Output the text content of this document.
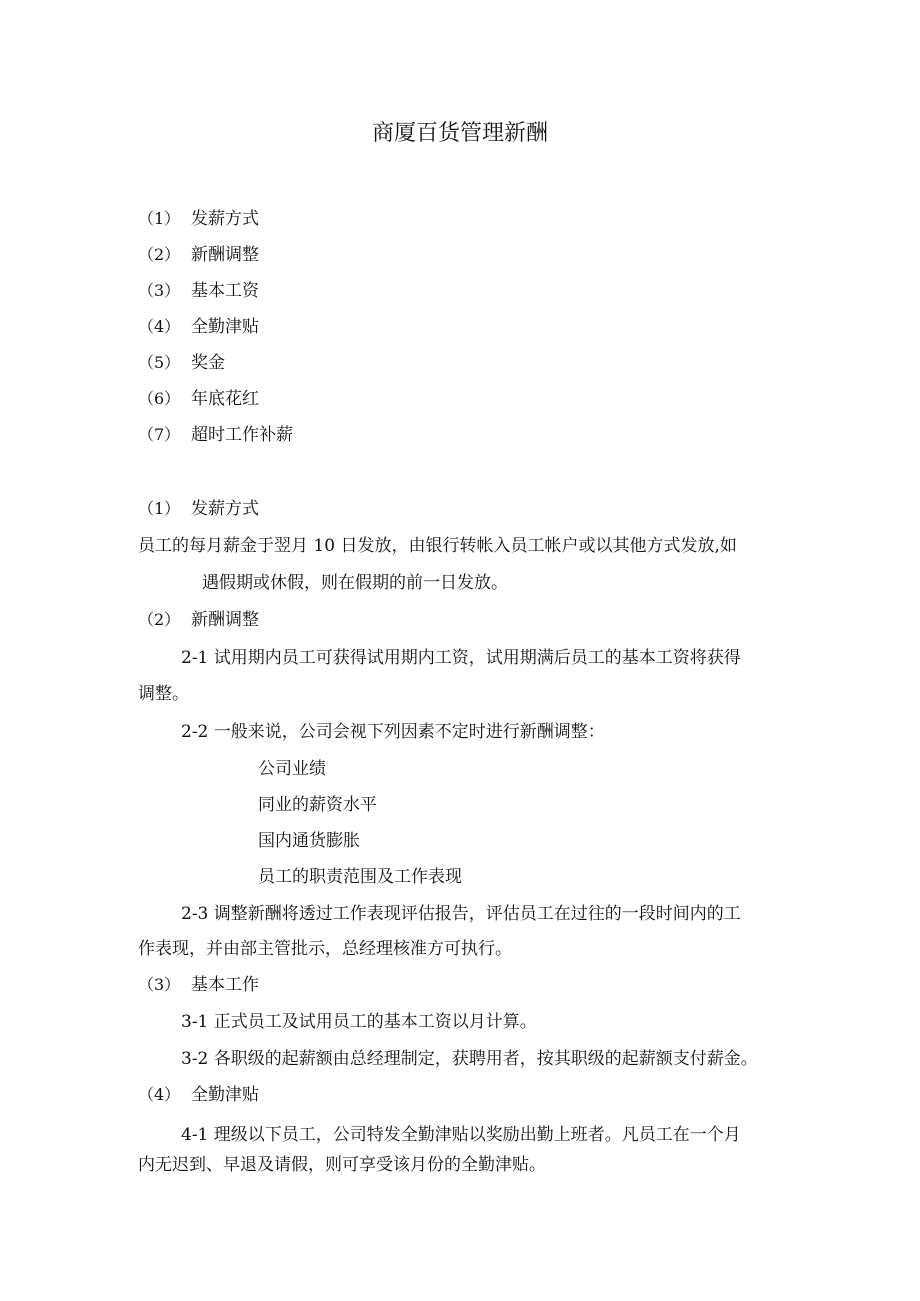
商厦百货管理新酬
（1） 发薪方式
（2） 新酬调整
（3） 基本工资
（4） 全勤津贴
（5） 奖金
（6） 年底花红
（7） 超时工作补薪
（1） 发薪方式
员工的每月薪金于翌月 10 日发放，由银行转帐入员工帐户或以其他方式发放,如
遇假期或休假，则在假期的前一日发放。
（2） 新酬调整
2-1 试用期内员工可获得试用期内工资，试用期满后员工的基本工资将获得
调整。
2-2 一般来说，公司会视下列因素不定时进行新酬调整：
公司业绩
同业的薪资水平
国内通货膨胀
员工的职责范围及工作表现
2-3 调整新酬将透过工作表现评估报告，评估员工在过往的一段时间内的工
作表现，并由部主管批示，总经理核准方可执行。
（3） 基本工作
3-1 正式员工及试用员工的基本工资以月计算。
3-2 各职级的起薪额由总经理制定，获聘用者，按其职级的起薪额支付薪金。
（4） 全勤津贴
4-1 理级以下员工，公司特发全勤津贴以奖励出勤上班者。凡员工在一个月
内无迟到、早退及请假，则可享受该月份的全勤津贴。
